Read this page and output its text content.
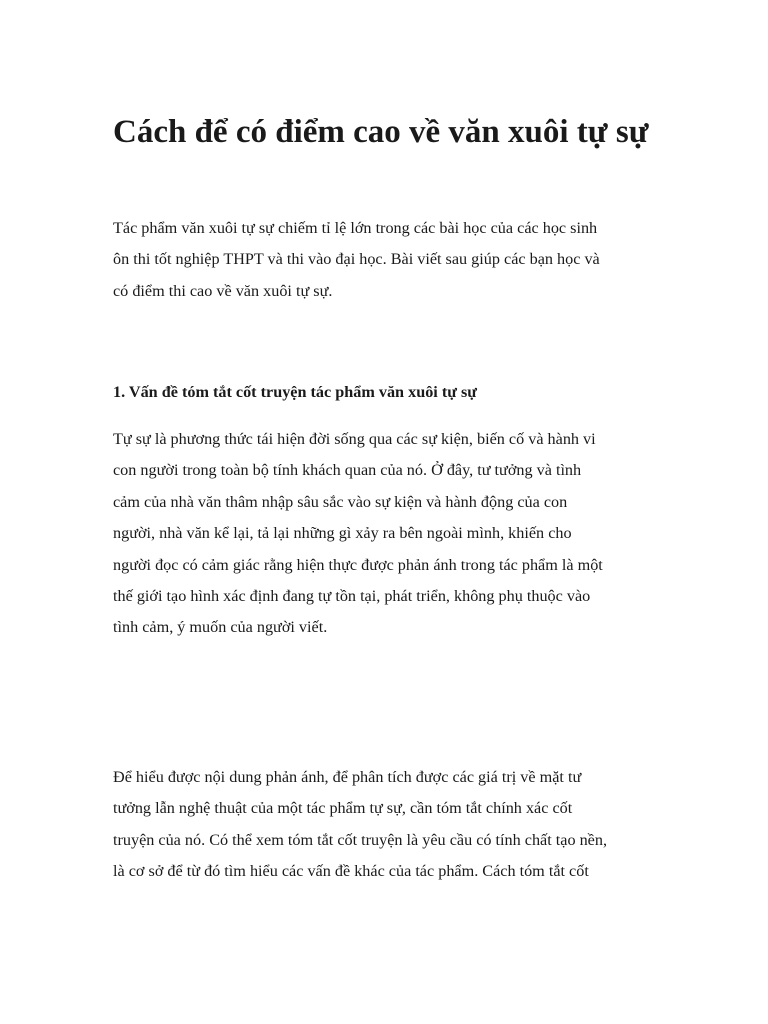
Cách để có điểm cao về văn xuôi tự sự

Tác phẩm văn xuôi tự sự chiếm tỉ lệ lớn trong các bài học của các học sinh
ôn thi tốt nghiệp THPT và thi vào đại học. Bài viết sau giúp các bạn học và
có điểm thi cao về văn xuôi tự sự.

1. Vấn đề tóm tắt cốt truyện tác phẩm văn xuôi tự sự

Tự sự là phương thức tái hiện đời sống qua các sự kiện, biến cố và hành vi
con người trong toàn bộ tính khách quan của nó. Ở đây, tư tưởng và tình
cảm của nhà văn thâm nhập sâu sắc vào sự kiện và hành động của con
người, nhà văn kể lại, tả lại những gì xảy ra bên ngoài mình, khiến cho
người đọc có cảm giác rằng hiện thực được phản ánh trong tác phẩm là một
thế giới tạo hình xác định đang tự tồn tại, phát triển, không phụ thuộc vào
tình cảm, ý muốn của người viết.

Để hiểu được nội dung phản ánh, để phân tích được các giá trị về mặt tư
tưởng lẫn nghệ thuật của một tác phẩm tự sự, cần tóm tắt chính xác cốt
truyện của nó. Có thể xem tóm tắt cốt truyện là yêu cầu có tính chất tạo nền,
là cơ sở để từ đó tìm hiểu các vấn đề khác của tác phẩm. Cách tóm tắt cốt
